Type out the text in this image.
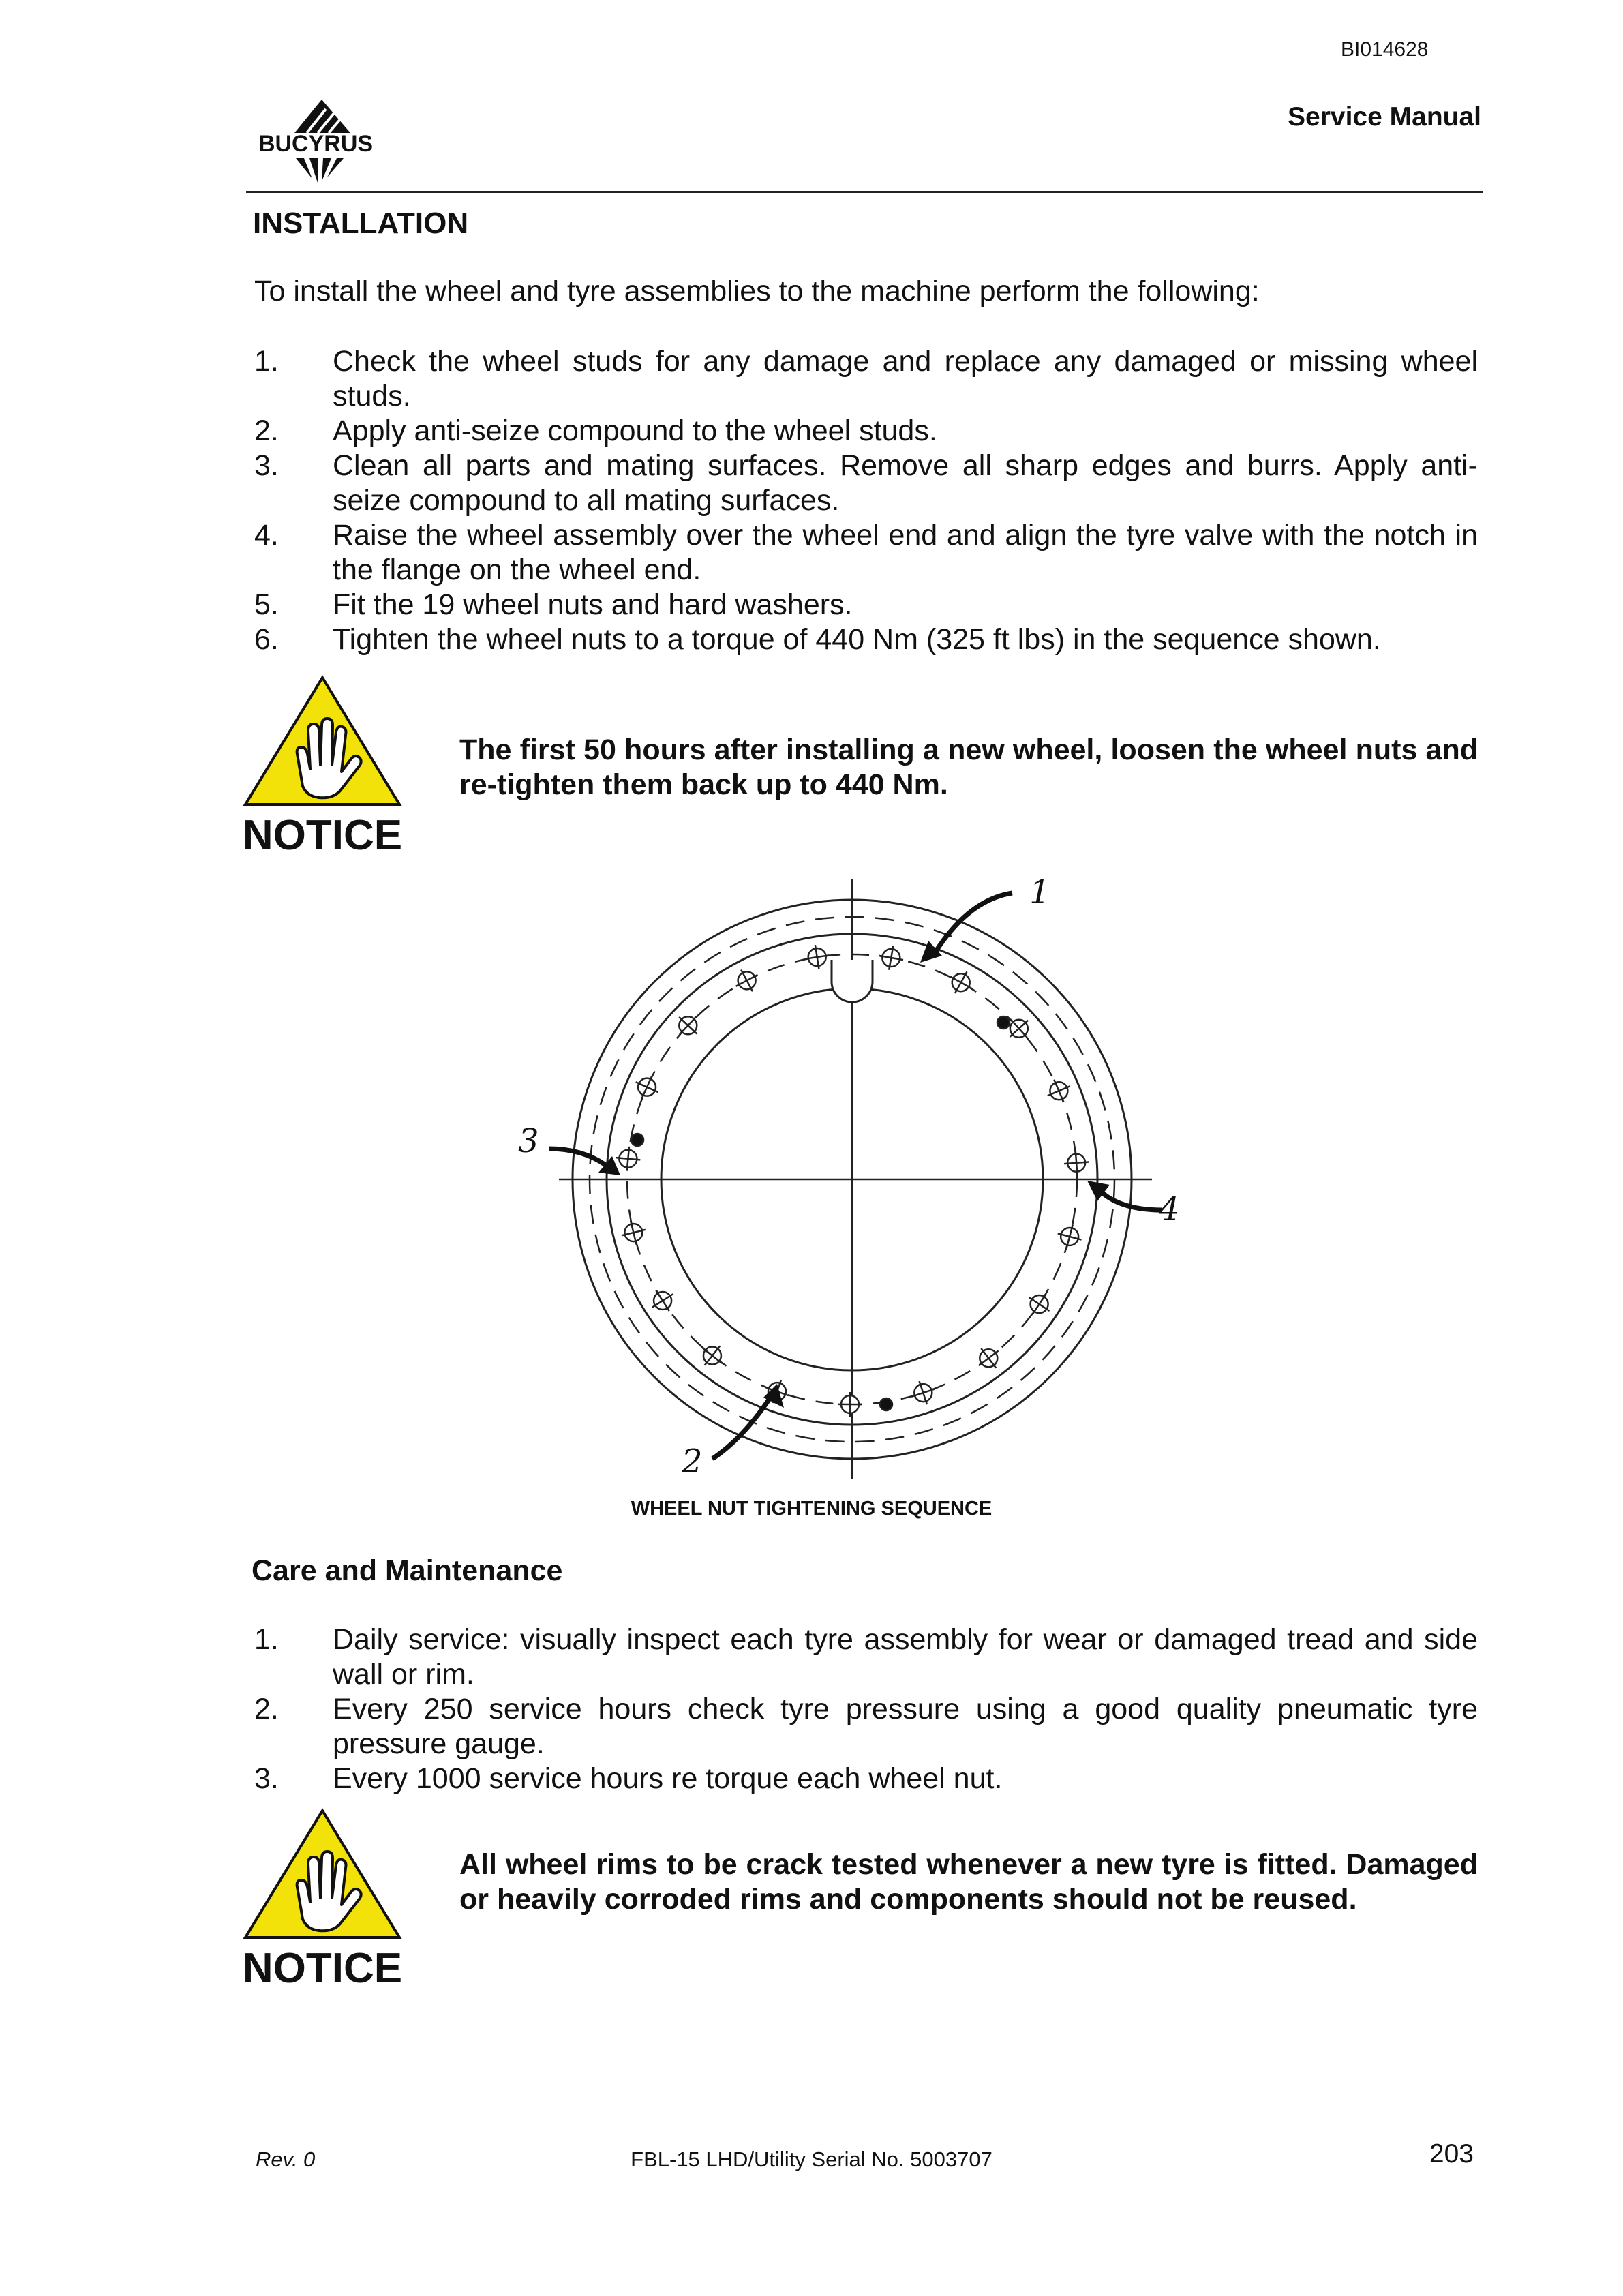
BI014628
Service Manual
BUCYRUS
INSTALLATION
To install the wheel and tyre assemblies to the machine perform the following:
1. Check the wheel studs for any damage and replace any damaged or missing wheel studs.
2. Apply anti-seize compound to the wheel studs.
3. Clean all parts and mating surfaces. Remove all sharp edges and burrs. Apply anti-seize compound to all mating surfaces.
4. Raise the wheel assembly over the wheel end and align the tyre valve with the notch in the flange on the wheel end.
5. Fit the 19 wheel nuts and hard washers.
6. Tighten the wheel nuts to a torque of 440 Nm (325 ft lbs) in the sequence shown.
NOTICE
The first 50 hours after installing a new wheel, loosen the wheel nuts and re-tighten them back up to 440 Nm.
1
2
3
4
WHEEL NUT TIGHTENING SEQUENCE
Care and Maintenance
1. Daily service: visually inspect each tyre assembly for wear or damaged tread and side wall or rim.
2. Every 250 service hours check tyre pressure using a good quality pneumatic tyre pressure gauge.
3. Every 1000 service hours re torque each wheel nut.
NOTICE
All wheel rims to be crack tested whenever a new tyre is fitted. Damaged or heavily corroded rims and components should not be reused.
Rev. 0	FBL-15 LHD/Utility Serial No. 5003707	203
